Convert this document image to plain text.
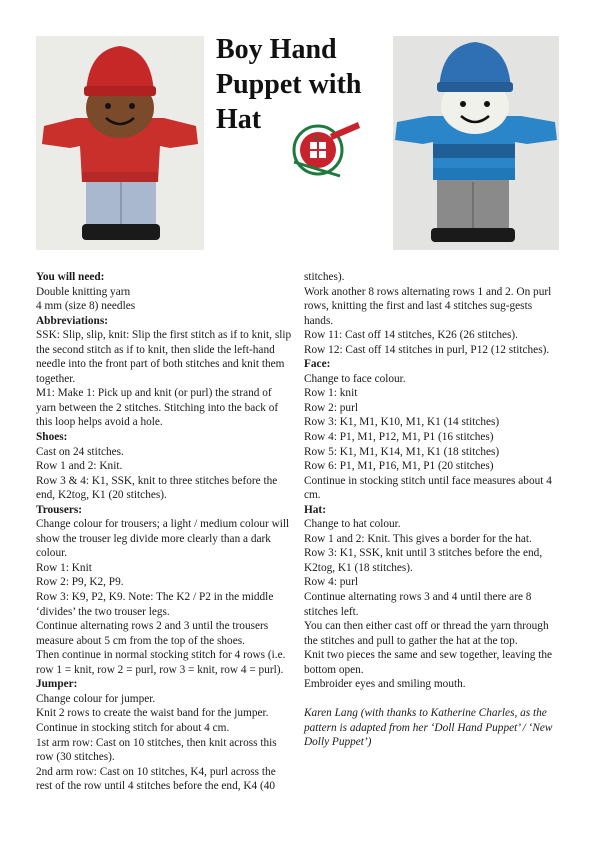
Boy Hand Puppet with Hat

You will need:

Double knitting yarn

4 mm (size 8) needles

Abbreviations:

SSK: Slip, slip, knit: Slip the first stitch as if to knit, slip the second stitch as if to knit, then slide the left-hand needle into the front part of both stitches and knit them together.

M1: Make 1: Pick up and knit (or purl) the strand of yarn between the 2 stitches. Stitching into the back of this loop helps avoid a hole.

Shoes:

Cast on 24 stitches.

Row 1 and 2: Knit.

Row 3 & 4: K1, SSK, knit to three stitches before the end, K2tog, K1 (20 stitches).

Trousers:

Change colour for trousers; a light / medium colour will show the trouser leg divide more clearly than a dark colour.

Row 1: Knit

Row 2: P9, K2, P9.

Row 3: K9, P2, K9. Note: The K2 / P2 in the middle ‘divides’ the two trouser legs.

Continue alternating rows 2 and 3 until the trousers measure about 5 cm from the top of the shoes.

Then continue in normal stocking stitch for 4 rows (i.e. row 1 = knit, row 2 = purl, row 3 = knit, row 4 = purl).

Jumper:

Change colour for jumper.

Knit 2 rows to create the waist band for the jumper.

Continue in stocking stitch for about 4 cm.

1st arm row: Cast on 10 stitches, then knit across this row (30 stitches).

2nd arm row: Cast on 10 stitches, K4, purl across the rest of the row until 4 stitches before the end, K4 (40

stitches).

Work another 8 rows alternating rows 1 and 2. On purl rows, knitting the first and last 4 stitches sug-gests hands.

Row 11: Cast off 14 stitches, K26 (26 stitches).

Row 12: Cast off 14 stitches in purl, P12 (12 stitches).

Face:

Change to face colour.

Row 1: knit

Row 2: purl

Row 3: K1, M1, K10, M1, K1 (14 stitches)

Row 4: P1, M1, P12, M1, P1 (16 stitches)

Row 5: K1, M1, K14, M1, K1 (18 stitches)

Row 6: P1, M1, P16, M1, P1 (20 stitches)

Continue in stocking stitch until face measures about 4 cm.

Hat:

Change to hat colour.

Row 1 and 2: Knit. This gives a border for the hat.

Row 3: K1, SSK, knit until 3 stitches before the end, K2tog, K1 (18 stitches).

Row 4: purl

Continue alternating rows 3 and 4 until there are 8 stitches left.

You can then either cast off or thread the yarn through the stitches and pull to gather the hat at the top.

Knit two pieces the same and sew together, leaving the bottom open.

Embroider eyes and smiling mouth.

Karen Lang (with thanks to Katherine Charles, as the pattern is adapted from her ‘Doll Hand Puppet’ / ‘New Dolly Puppet’)
